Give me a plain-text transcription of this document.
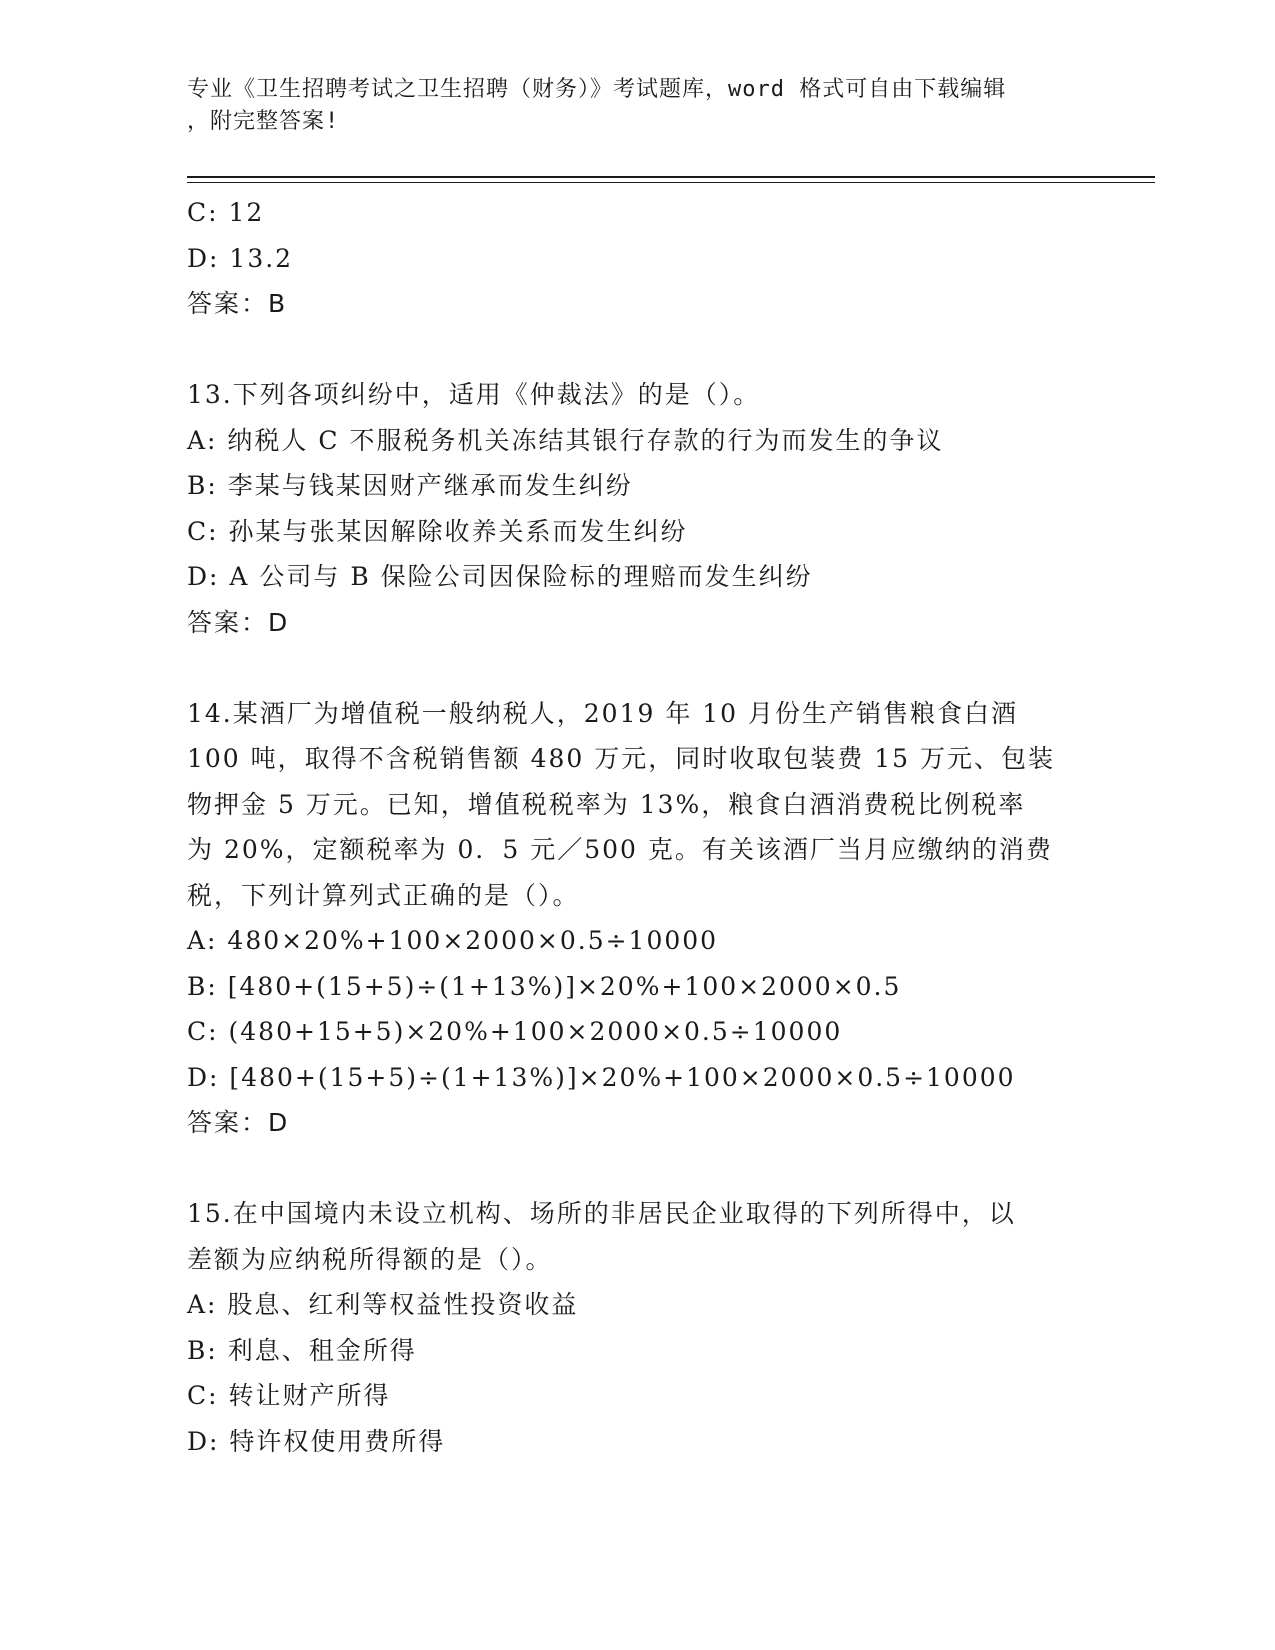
专业《卫生招聘考试之卫生招聘（财务）》考试题库，word 格式可自由下载编辑
，附完整答案!
C: 12
D: 13.2
答案：B
13.下列各项纠纷中，适用《仲裁法》的是（）。
A: 纳税人 C 不服税务机关冻结其银行存款的行为而发生的争议
B: 李某与钱某因财产继承而发生纠纷
C: 孙某与张某因解除收养关系而发生纠纷
D: A 公司与 B 保险公司因保险标的理赔而发生纠纷
答案：D
14.某酒厂为增值税一般纳税人，2019 年 10 月份生产销售粮食白酒
100 吨，取得不含税销售额 480 万元，同时收取包装费 15 万元、包装
物押金 5 万元。已知，增值税税率为 13%，粮食白酒消费税比例税率
为 20%，定额税率为 0．5 元／500 克。有关该酒厂当月应缴纳的消费
税，下列计算列式正确的是（）。
A: 480×20%+100×2000×0.5÷10000
B: [480+(15+5)÷(1+13%)]×20%+100×2000×0.5
C: (480+15+5)×20%+100×2000×0.5÷10000
D: [480+(15+5)÷(1+13%)]×20%+100×2000×0.5÷10000
答案：D
15.在中国境内未设立机构、场所的非居民企业取得的下列所得中，以
差额为应纳税所得额的是（）。
A: 股息、红利等权益性投资收益
B: 利息、租金所得
C: 转让财产所得
D: 特许权使用费所得
